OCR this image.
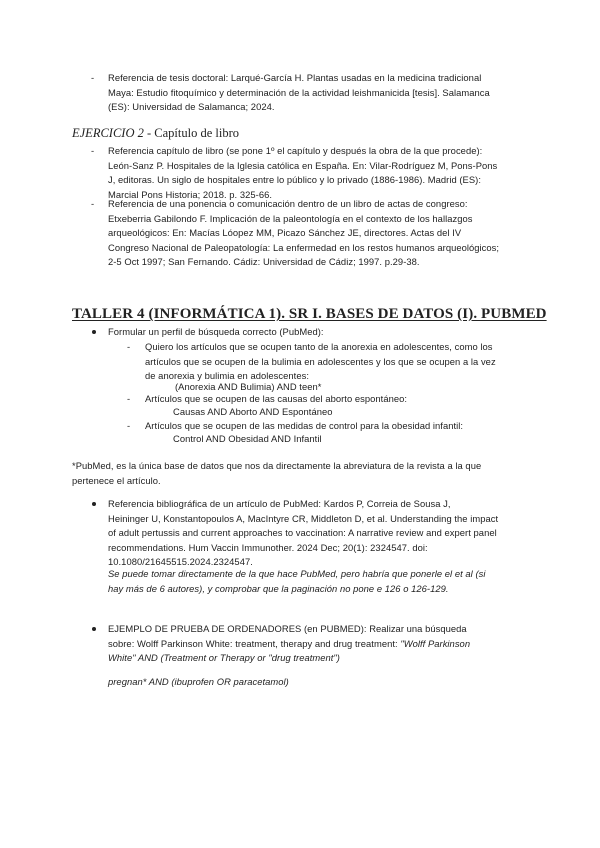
- Referencia de tesis doctoral: Larqué-García H. Plantas usadas en la medicina tradicional
Maya: Estudio fitoquímico y determinación de la actividad leishmanicida [tesis]. Salamanca
(ES): Universidad de Salamanca; 2024.
EJERCICIO 2 - Capítulo de libro
- Referencia capítulo de libro (se pone 1º el capítulo y después la obra de la que procede):
León-Sanz P. Hospitales de la Iglesia católica en España. En: Vilar-Rodríguez M, Pons-Pons
J, editoras. Un siglo de hospitales entre lo público y lo privado (1886-1986). Madrid (ES):
Marcial Pons Historia; 2018. p. 325-66.
- Referencia de una ponencia o comunicación dentro de un libro de actas de congreso:
Etxeberria Gabilondo F. Implicación de la paleontología en el contexto de los hallazgos
arqueológicos: En: Macías Lóopez MM, Picazo Sánchez JE, directores. Actas del IV
Congreso Nacional de Paleopatología: La enfermedad en los restos humanos arqueológicos;
2-5 Oct 1997; San Fernando. Cádiz: Universidad de Cádiz; 1997. p.29-38.
TALLER 4 (INFORMÁTICA 1). SR I. BASES DE DATOS (I). PUBMED
Formular un perfil de búsqueda correcto (PubMed):
- Quiero los artículos que se ocupen tanto de la anorexia en adolescentes, como los
artículos que se ocupen de la bulimia en adolescentes y los que se ocupen a la vez
de anorexia y bulimia en adolescentes:
(Anorexia AND Bulimia) AND teen*
- Artículos que se ocupen de las causas del aborto espontáneo:
Causas AND Aborto AND Espontáneo
- Artículos que se ocupen de las medidas de control para la obesidad infantil:
Control AND Obesidad AND Infantil
*PubMed, es la única base de datos que nos da directamente la abreviatura de la revista a la que
pertenece el artículo.
Referencia bibliográfica de un artículo de PubMed: Kardos P, Correia de Sousa J,
Heininger U, Konstantopoulos A, MacIntyre CR, Middleton D, et al. Understanding the impact
of adult pertussis and current approaches to vaccination: A narrative review and expert panel
recommendations. Hum Vaccin Immunother. 2024 Dec; 20(1): 2324547. doi:
10.1080/21645515.2024.2324547.
Se puede tomar directamente de la que hace PubMed, pero habría que ponerle el et al (si
hay más de 6 autores), y comprobar que la paginación no pone e 126 o 126-129.
EJEMPLO DE PRUEBA DE ORDENADORES (en PUBMED): Realizar una búsqueda
sobre: Wolff Parkinson White: treatment, therapy and drug treatment: "Wolff Parkinson
White" AND (Treatment or Therapy or "drug treatment")
pregnan* AND (ibuprofen OR paracetamol)
